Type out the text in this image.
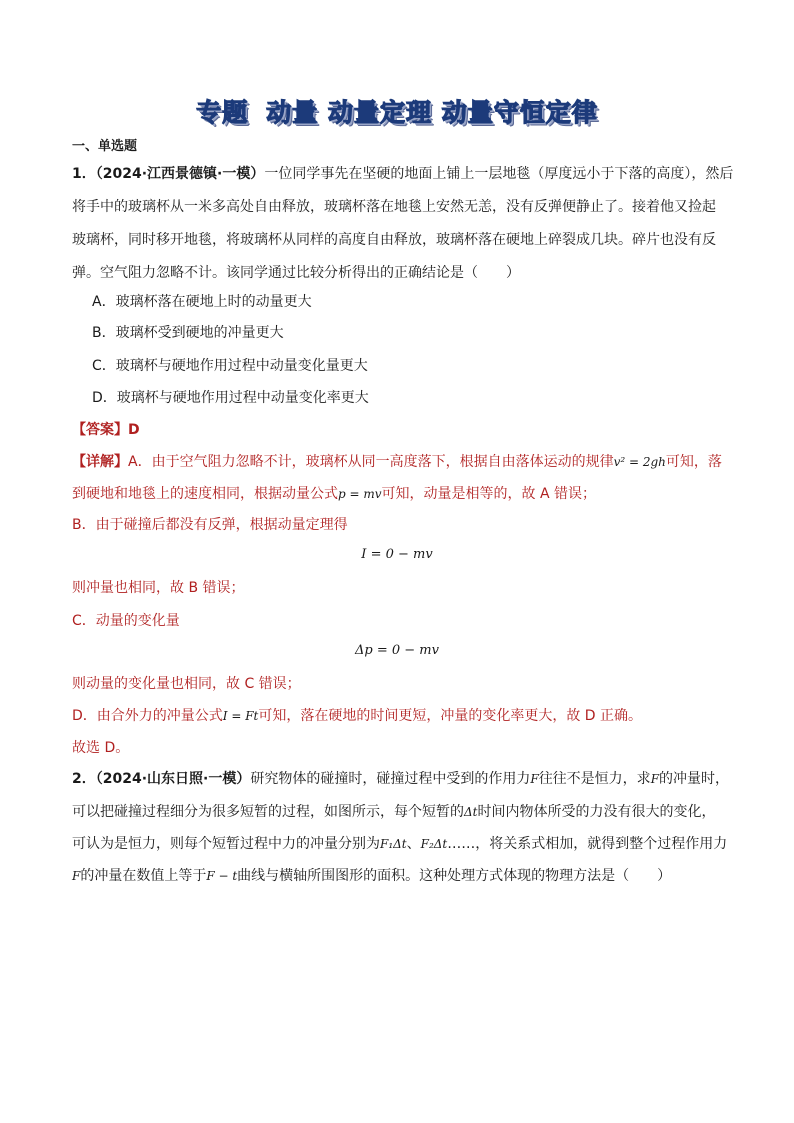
专题 动量 动量定理 动量守恒定律
一、单选题
1．（2024·江西景德镇·一模）一位同学事先在坚硬的地面上铺上一层地毯（厚度远小于下落的高度），然后
将手中的玻璃杯从一米多高处自由释放，玻璃杯落在地毯上安然无恙，没有反弹便静止了。接着他又捡起
玻璃杯，同时移开地毯，将玻璃杯从同样的高度自由释放，玻璃杯落在硬地上碎裂成几块。碎片也没有反
弹。空气阻力忽略不计。该同学通过比较分析得出的正确结论是（　　）
A．玻璃杯落在硬地上时的动量更大
B．玻璃杯受到硬地的冲量更大
C．玻璃杯与硬地作用过程中动量变化量更大
D．玻璃杯与硬地作用过程中动量变化率更大
【答案】D
【详解】A．由于空气阻力忽略不计，玻璃杯从同一高度落下，根据自由落体运动的规律v² = 2gh可知，落
到硬地和地毯上的速度相同，根据动量公式p = mv可知，动量是相等的，故 A 错误；
B．由于碰撞后都没有反弹，根据动量定理得
I = 0 − mv
则冲量也相同，故 B 错误；
C．动量的变化量
Δp = 0 − mv
则动量的变化量也相同，故 C 错误；
D．由合外力的冲量公式I = Ft可知，落在硬地的时间更短，冲量的变化率更大，故 D 正确。
故选 D。
2．（2024·山东日照·一模）研究物体的碰撞时，碰撞过程中受到的作用力F往往不是恒力，求F的冲量时，
可以把碰撞过程细分为很多短暂的过程，如图所示，每个短暂的Δt时间内物体所受的力没有很大的变化，
可认为是恒力，则每个短暂过程中力的冲量分别为F₁Δt、F₂Δt……，将关系式相加，就得到整个过程作用力
F的冲量在数值上等于F − t曲线与横轴所围图形的面积。这种处理方式体现的物理方法是（　　）
